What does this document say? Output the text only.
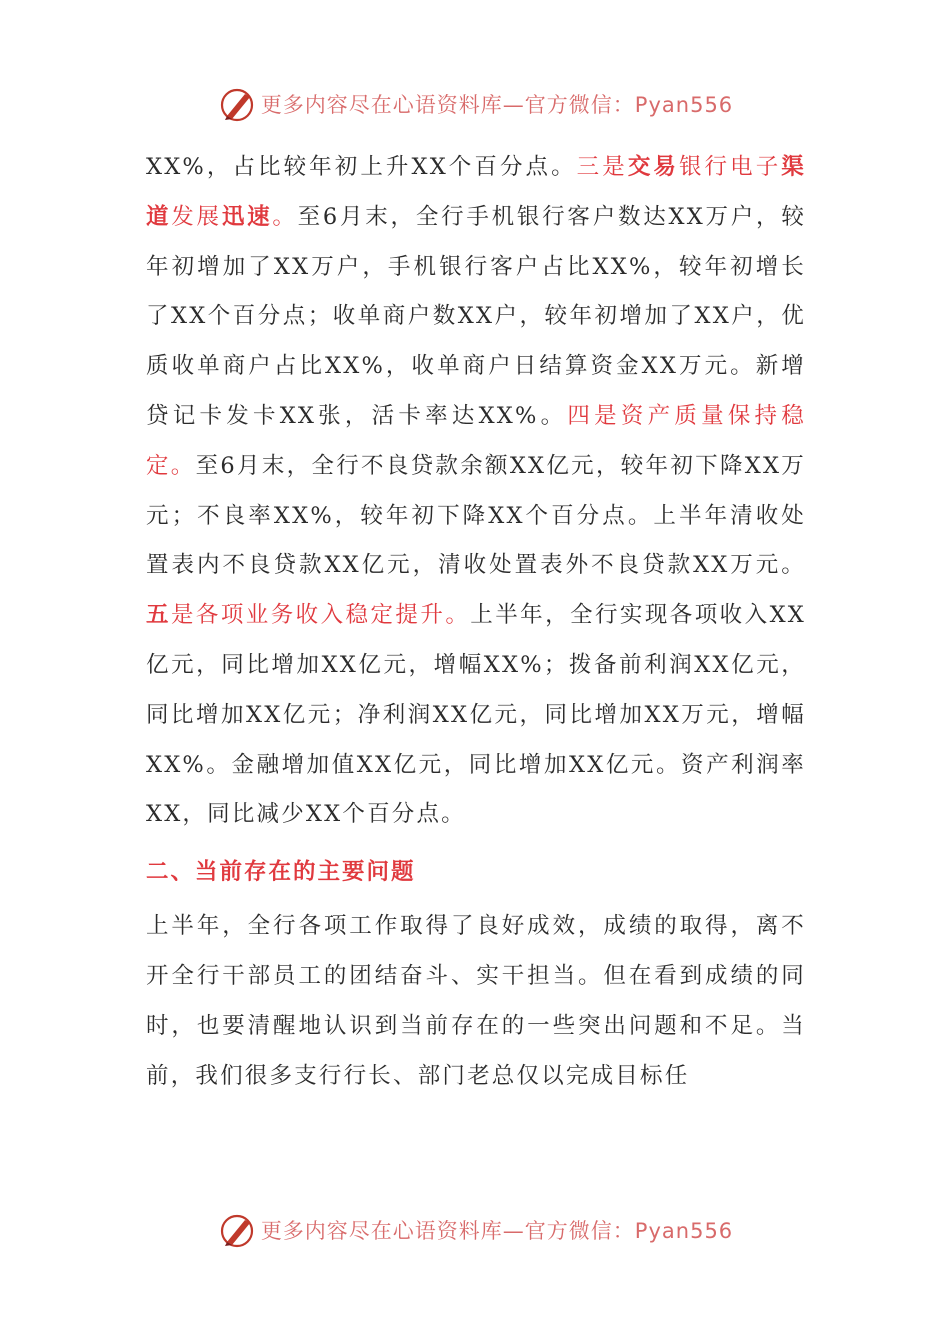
更多内容尽在心语资料库—官方微信：Pyan556

XX%，占比较年初上升XX个百分点。三是交易银行电子渠道发展迅速。至6月末，全行手机银行客户数达XX万户，较年初增加了XX万户，手机银行客户占比XX%，较年初增长了XX个百分点；收单商户数XX户，较年初增加了XX户，优质收单商户占比XX%，收单商户日结算资金XX万元。新增贷记卡发卡XX张，活卡率达XX%。四是资产质量保持稳定。至6月末，全行不良贷款余额XX亿元，较年初下降XX万元；不良率XX%，较年初下降XX个百分点。上半年清收处置表内不良贷款XX亿元，清收处置表外不良贷款XX万元。五是各项业务收入稳定提升。上半年，全行实现各项收入XX亿元，同比增加XX亿元，增幅XX%；拨备前利润XX亿元，同比增加XX亿元；净利润XX亿元，同比增加XX万元，增幅XX%。金融增加值XX亿元，同比增加XX亿元。资产利润率XX，同比减少XX个百分点。

二、当前存在的主要问题

上半年，全行各项工作取得了良好成效，成绩的取得，离不开全行干部员工的团结奋斗、实干担当。但在看到成绩的同时，也要清醒地认识到当前存在的一些突出问题和不足。当前，我们很多支行行长、部门老总仅以完成目标任

更多内容尽在心语资料库—官方微信：Pyan556
